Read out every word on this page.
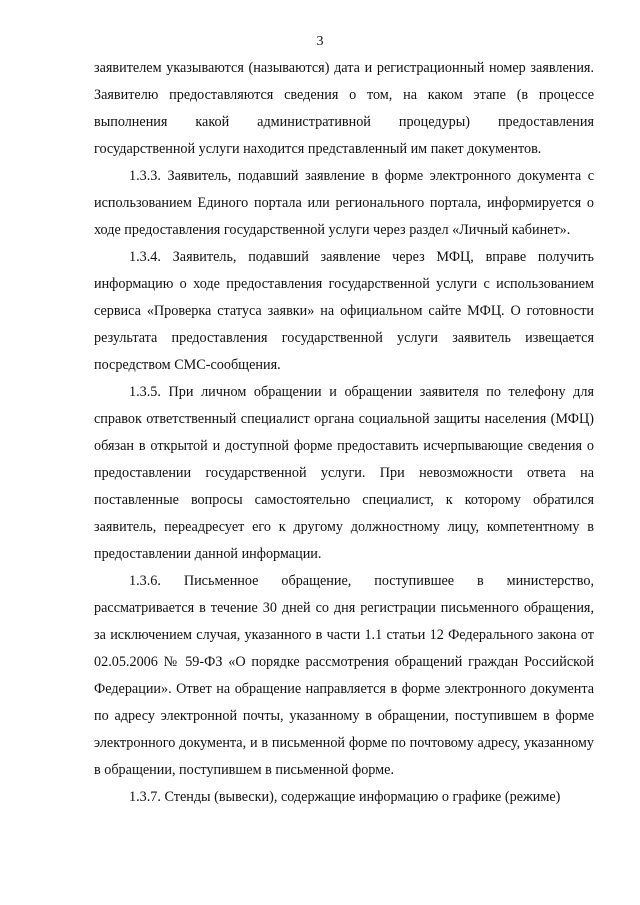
3

заявителем указываются (называются) дата и регистрационный номер заявления. Заявителю предоставляются сведения о том, на каком этапе (в процессе выполнения какой административной процедуры) предоставления государственной услуги находится представленный им пакет документов.

1.3.3. Заявитель, подавший заявление в форме электронного документа с использованием Единого портала или регионального портала, информируется о ходе предоставления государственной услуги через раздел «Личный кабинет».

1.3.4. Заявитель, подавший заявление через МФЦ, вправе получить информацию о ходе предоставления государственной услуги с использованием сервиса «Проверка статуса заявки» на официальном сайте МФЦ. О готовности результата предоставления государственной услуги заявитель извещается посредством СМС-сообщения.

1.3.5. При личном обращении и обращении заявителя по телефону для справок ответственный специалист органа социальной защиты населения (МФЦ) обязан в открытой и доступной форме предоставить исчерпывающие сведения о предоставлении государственной услуги. При невозможности ответа на поставленные вопросы самостоятельно специалист, к которому обратился заявитель, переадресует его к другому должностному лицу, компетентному в предоставлении данной информации.

1.3.6. Письменное обращение, поступившее в министерство, рассматривается в течение 30 дней со дня регистрации письменного обращения, за исключением случая, указанного в части 1.1 статьи 12 Федерального закона от 02.05.2006 № 59-ФЗ «О порядке рассмотрения обращений граждан Российской Федерации». Ответ на обращение направляется в форме электронного документа по адресу электронной почты, указанному в обращении, поступившем в форме электронного документа, и в письменной форме по почтовому адресу, указанному в обращении, поступившем в письменной форме.

1.3.7. Стенды (вывески), содержащие информацию о графике (режиме)
